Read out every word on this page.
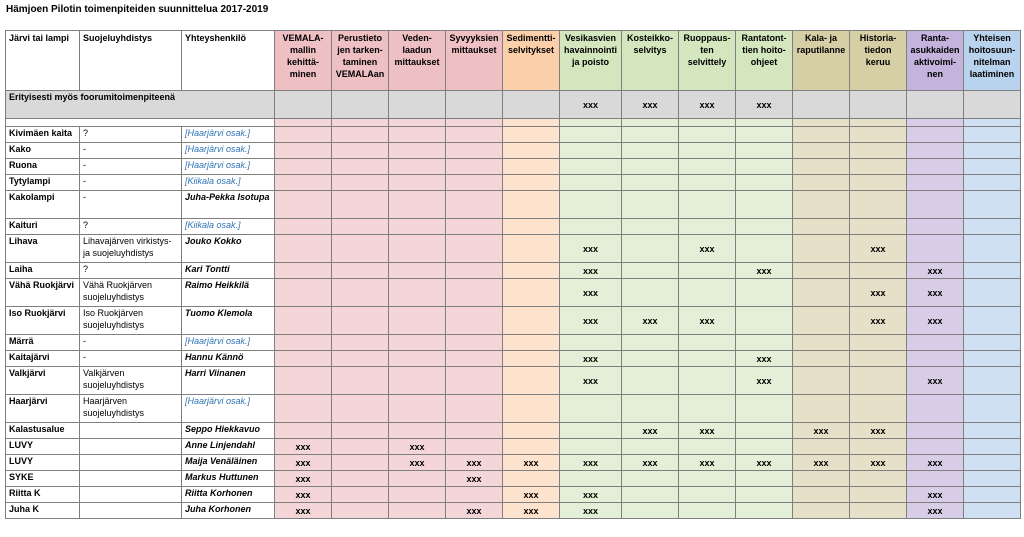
Hämjoen Pilotin toimenpiteiden suunnittelua 2017-2019
Järvi tai lampi	Suojeluyhdistys	Yhteyshenkilö	VEMALA-mallin kehittä-minen	Perustieto jen tarken-taminen VEMALAan	Veden-laadun mittaukset	Syvyyksien mittaukset	Sedimentti-selvitykset	Vesikasvien havainnointi ja poisto	Kosteikko-selvitys	Ruoppaus-ten selvittely	Rantatont-tien hoito-ohjeet	Kala- ja raputilanne	Historia-tiedon keruu	Ranta-asukkaiden aktivoimi-nen	Yhteisen hoitosuun-nitelman laatiminen
Erityisesti myös foorumitoimenpiteenä								xxx	xxx	xxx	xxx				

Kivimäen kaita	?	[Haarjärvi osak.]													
Kako	-	[Haarjärvi osak.]													
Ruona	-	[Haarjärvi osak.]													
Tytylampi	-	[Kiikala osak.]													
Kakolampi	-	Juha-Pekka Isotupa													
Kaituri	?	[Kiikala osak.]													
Lihava	Lihavajärven virkistys- ja suojeluyhdistys	Jouko Kokko						xxx		xxx			xxx		
Laiha	?	Kari Tontti						xxx			xxx			xxx	
Vähä Ruokjärvi	Vähä Ruokjärven suojeluyhdistys	Raimo Heikkilä						xxx					xxx	xxx	
Iso Ruokjärvi	Iso Ruokjärven suojeluyhdistys	Tuomo Klemola						xxx	xxx	xxx			xxx	xxx	
Märrä	-	[Haarjärvi osak.]													
Kaitajärvi	-	Hannu Kännö						xxx			xxx				
Valkjärvi	Valkjärven suojeluyhdistys	Harri Viinanen						xxx			xxx			xxx	
Haarjärvi	Haarjärven suojeluyhdistys	[Haarjärvi osak.]													
Kalastusalue		Seppo Hiekkavuo							xxx	xxx		xxx	xxx		
LUVY		Anne Linjendahl	xxx		xxx										
LUVY		Maija Venäläinen	xxx		xxx	xxx	xxx	xxx	xxx	xxx	xxx	xxx	xxx	xxx	
SYKE		Markus Huttunen	xxx			xxx									
Riitta K		Riitta Korhonen	xxx				xxx	xxx						xxx	
Juha K		Juha Korhonen	xxx			xxx	xxx	xxx						xxx	
